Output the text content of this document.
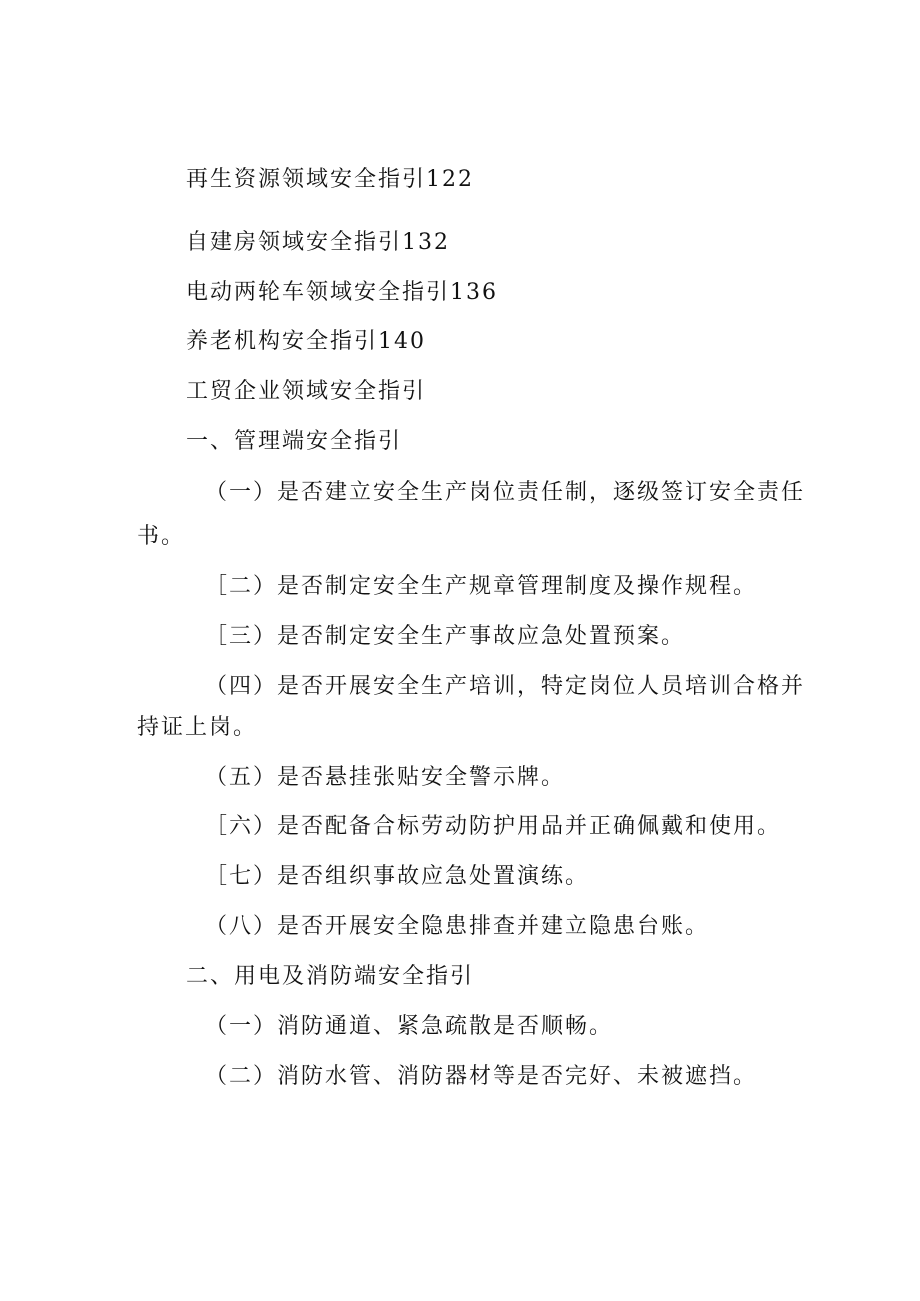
再生资源领域安全指引122
自建房领域安全指引132
电动两轮车领域安全指引136
养老机构安全指引140
工贸企业领域安全指引
一、管理端安全指引
（一）是否建立安全生产岗位责任制，逐级签订安全责任
书。
［二）是否制定安全生产规章管理制度及操作规程。
［三）是否制定安全生产事故应急处置预案。
（四）是否开展安全生产培训，特定岗位人员培训合格并
持证上岗。
（五）是否悬挂张贴安全警示牌。
［六）是否配备合标劳动防护用品并正确佩戴和使用。
［七）是否组织事故应急处置演练。
（八）是否开展安全隐患排查并建立隐患台账。
二、用电及消防端安全指引
（一）消防通道、紧急疏散是否顺畅。
（二）消防水管、消防器材等是否完好、未被遮挡。
